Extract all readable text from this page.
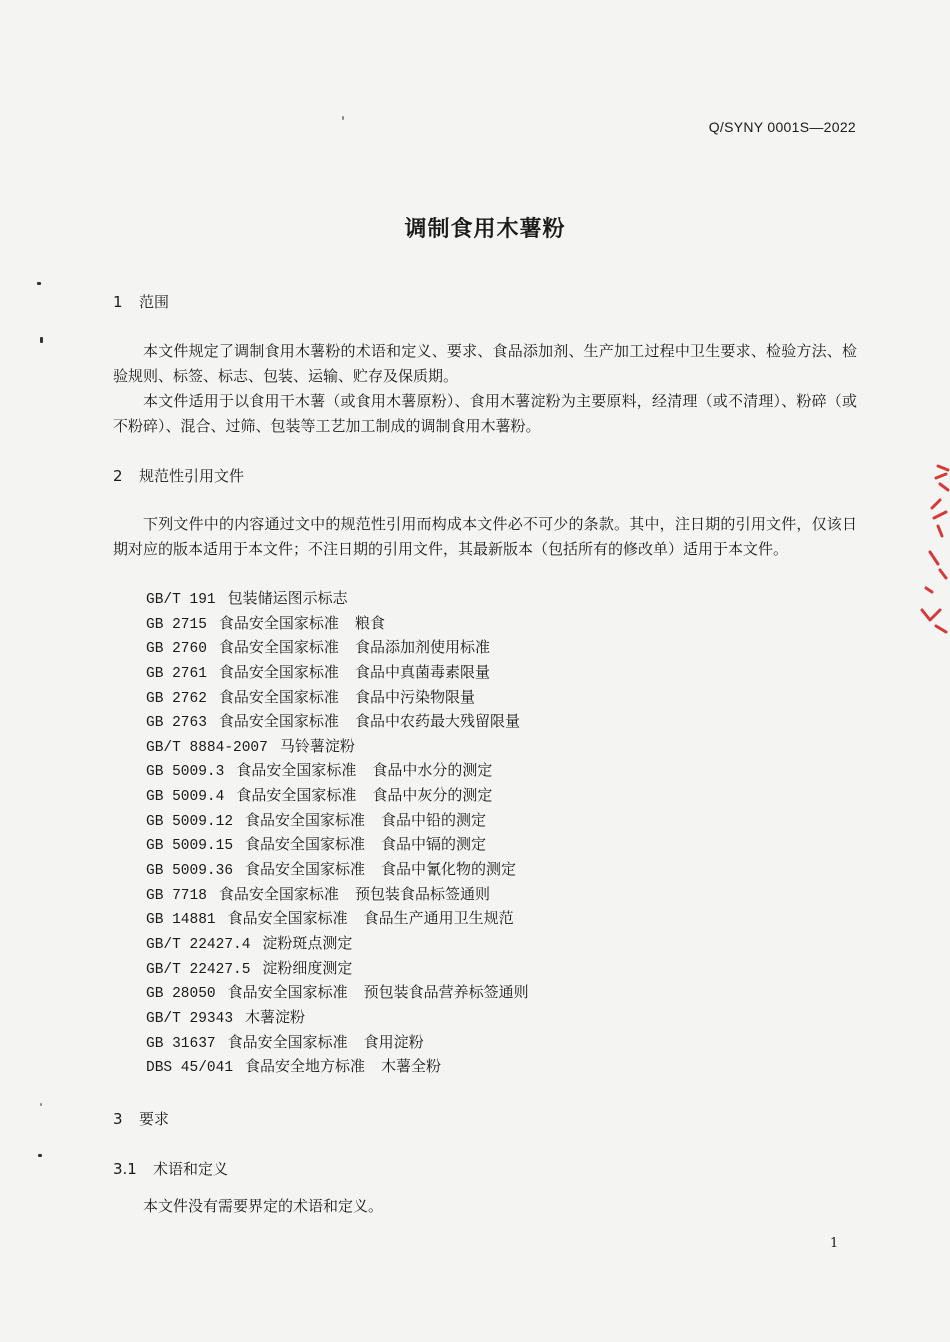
Q/SYNY 0001S—2022
调制食用木薯粉
1 范围
本文件规定了调制食用木薯粉的术语和定义、要求、食品添加剂、生产加工过程中卫生要求、检验方法、检验规则、标签、标志、包装、运输、贮存及保质期。
本文件适用于以食用干木薯（或食用木薯原粉）、食用木薯淀粉为主要原料，经清理（或不清理）、粉碎（或不粉碎）、混合、过筛、包装等工艺加工制成的调制食用木薯粉。
2 规范性引用文件
下列文件中的内容通过文中的规范性引用而构成本文件必不可少的条款。其中，注日期的引用文件，仅该日期对应的版本适用于本文件；不注日期的引用文件，其最新版本（包括所有的修改单）适用于本文件。
GB/T 191 包装储运图示标志
GB 2715 食品安全国家标准 粮食
GB 2760 食品安全国家标准 食品添加剂使用标准
GB 2761 食品安全国家标准 食品中真菌毒素限量
GB 2762 食品安全国家标准 食品中污染物限量
GB 2763 食品安全国家标准 食品中农药最大残留限量
GB/T 8884-2007 马铃薯淀粉
GB 5009.3 食品安全国家标准 食品中水分的测定
GB 5009.4 食品安全国家标准 食品中灰分的测定
GB 5009.12 食品安全国家标准 食品中铅的测定
GB 5009.15 食品安全国家标准 食品中镉的测定
GB 5009.36 食品安全国家标准 食品中氰化物的测定
GB 7718 食品安全国家标准 预包装食品标签通则
GB 14881 食品安全国家标准 食品生产通用卫生规范
GB/T 22427.4 淀粉斑点测定
GB/T 22427.5 淀粉细度测定
GB 28050 食品安全国家标准 预包装食品营养标签通则
GB/T 29343 木薯淀粉
GB 31637 食品安全国家标准 食用淀粉
DBS 45/041 食品安全地方标准 木薯全粉
3 要求
3.1 术语和定义
本文件没有需要界定的术语和定义。
1
